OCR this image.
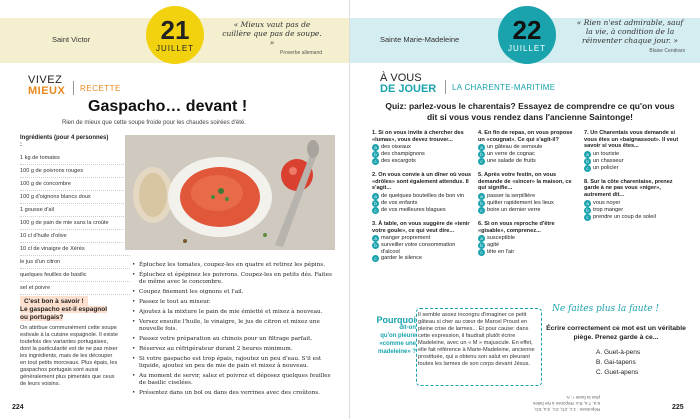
Saint Victor	21
JUILLET
« Mieux vaut pas de cuillère que pas de soupe. »
Proverbe allemand
VIVEZ
MIEUX RECETTE
Gaspacho… devant !
Rien de mieux que cette soupe froide pour les chaudes soirées d'été.
Ingrédients (pour 4 personnes) :
1 kg de tomates
100 g de poivrons rouges
100 g de concombre
100 g d'oignons blancs doux
1 gousse d'ail
100 g de pain de mie sans la croûte
10 cl d'huile d'olive
10 cl de vinaigre de Xérès
le jus d'un citron
quelques feuilles de basilic
sel et poivre
• Épluchez les tomates, coupez-les en quatre et retirez les pépins.
• Épluchez et épépinez les poivrons. Coupez-les en petits dés. Faites de même avec le concombre.
• Coupez finement les oignons et l'ail.
• Passez le tout au mixeur.
• Ajoutez à la mixture le pain de mie émietté et mixez à nouveau.
• Versez ensuite l'huile, le vinaigre, le jus de citron et mixez une nouvelle fois.
• Passez votre préparation au chinois pour un filtrage parfait.
• Réservez au réfrigérateur durant 2 heures minimum.
• Si votre gaspacho est trop épais, rajoutez un peu d'eau. S'il est liquide, ajoutez un peu de mie de pain et mixez à nouveau.
• Au moment de servir, salez et poivrez et déposez quelques feuilles de basilic ciselées.
• Présentez dans un bol ou dans des verrines avec des croûtons.
C'est bon à savoir !
Le gaspacho est-il espagnol ou portugais?
On attribue communément cette soupe estivale à la cuisine espagnole. Il existe toutefois des variantes portugaises, dont la particularité est de ne pas mixer les ingrédients, mais de les découper en tout petits morceaux. Plus épais, les gaspachos portugais sont aussi généralement plus pimentés que ceux de leurs voisins.
224
Sainte Marie-Madeleine	22
JUILLET
« Rien n'est admirable, sauf la vie, à condition de la réinventer chaque jour. »
Blaise Cendrars
À VOUS
DE JOUER LA CHARENTE-MARITIME
Quiz: parlez-vous le charentais? Essayez de comprendre ce qu'on vous dit si vous vous rendez dans l'ancienne Saintonge!
1. Si on vous invite à chercher des «lumas», vous devez trouver...
a des oiseaux
b des champignons
c des escargots
2. On vous convie à un dîner où vous «drôles» sont également attendus. Il s'agit...
a de quelques bouteilles de bon vin
b de vos enfants
c de vos meilleures blagues
3. À table, on vous suggère de «tenir votre goule», ce qui veut dire...
a manger proprement
b surveiller votre consommation d'alcool
c garder le silence
4. En fin de repas, on vous propose un «cougnat». Ce qui s'agit-il?
a un gâteau de semoule
b un verre de cognac
c une salade de fruits
5. Après votre festin, on vous demande de «sincer» la maison, ce qui signifie...
a passer la serpillière
b quitter rapidement les lieux
c boire un dernier verre
6. Si on vous reproche d'être «gisable», comprenez...
a susceptible
b agité
c tête en l'air
7. Un Charentais vous demande si vous êtes un «baignassout». Il veut savoir si vous êtes...
a un touriste
b un chasseur
c un policier
8. Sur la côte charentaise, prenez garde à ne pas vous «niger», autrement dit...
a vous noyer
b trop manger
c prendre un coup de soleil
Pourquoi
dit-on
qu'on pleure
«comme une madeleine» ?
Il semble assez incongru d'imaginer ce petit gâteau si cher au cœur de Marcel Proust en pleine crise de larmes... Et pour cause: dans cette expression, il faudrait plutôt écrire Madeleine, avec un « M » majuscule. En effet, elle fait référence à Marie-Madeleine, ancienne prostituée, qui a obtenu son salut en pleurant toutes les larmes de son corps devant Jésus.
Réponses : 1:c, 2:b, 3:c, 4:a, 5:b, 6:a, 7:a, 8:a. Réponse à Ne faites plus la faute ! : A.
Ne faites plus la faute !
Écrire correctement ce mot est un véritable piège. Prenez garde à ce...
A. Guet-à-pens
B. Gai-tapens
C. Guet-apens
225
